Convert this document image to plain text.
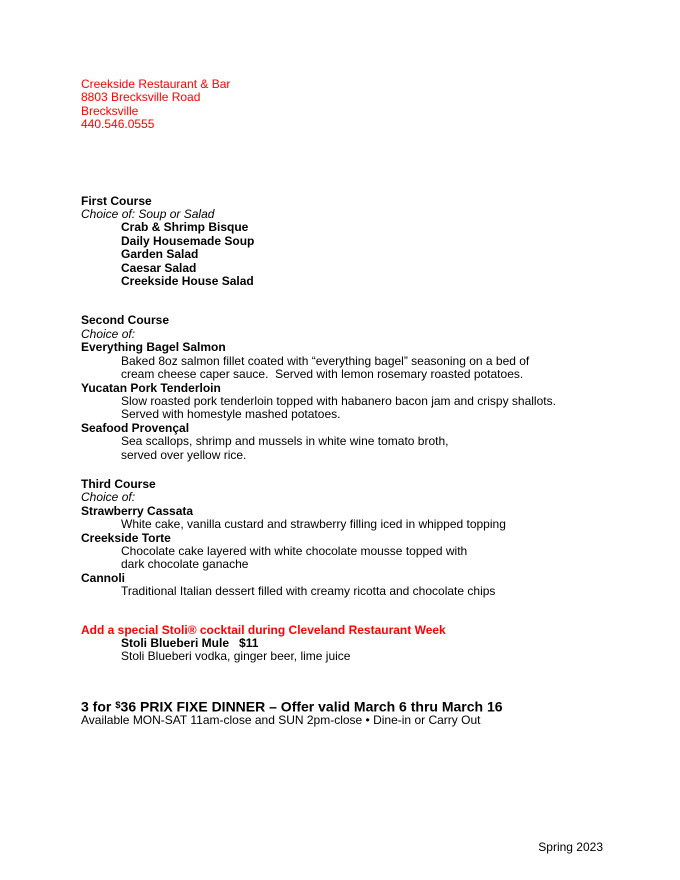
Creekside Restaurant & Bar
8803 Brecksville Road
Brecksville
440.546.0555
First Course
Choice of: Soup or Salad
Crab & Shrimp Bisque
Daily Housemade Soup
Garden Salad
Caesar Salad
Creekside House Salad
Second Course
Choice of:
Everything Bagel Salmon
Baked 8oz salmon fillet coated with “everything bagel” seasoning on a bed of
cream cheese caper sauce.  Served with lemon rosemary roasted potatoes.
Yucatan Pork Tenderloin
Slow roasted pork tenderloin topped with habanero bacon jam and crispy shallots.
Served with homestyle mashed potatoes.
Seafood Provençal
Sea scallops, shrimp and mussels in white wine tomato broth,
served over yellow rice.
Third Course
Choice of:
Strawberry Cassata
White cake, vanilla custard and strawberry filling iced in whipped topping
Creekside Torte
Chocolate cake layered with white chocolate mousse topped with
dark chocolate ganache
Cannoli
Traditional Italian dessert filled with creamy ricotta and chocolate chips
Add a special Stoli® cocktail during Cleveland Restaurant Week
Stoli Blueberi Mule   $11
Stoli Blueberi vodka, ginger beer, lime juice
3 for $36 PRIX FIXE DINNER – Offer valid March 6 thru March 16
Available MON-SAT 11am-close and SUN 2pm-close • Dine-in or Carry Out
Spring 2023
